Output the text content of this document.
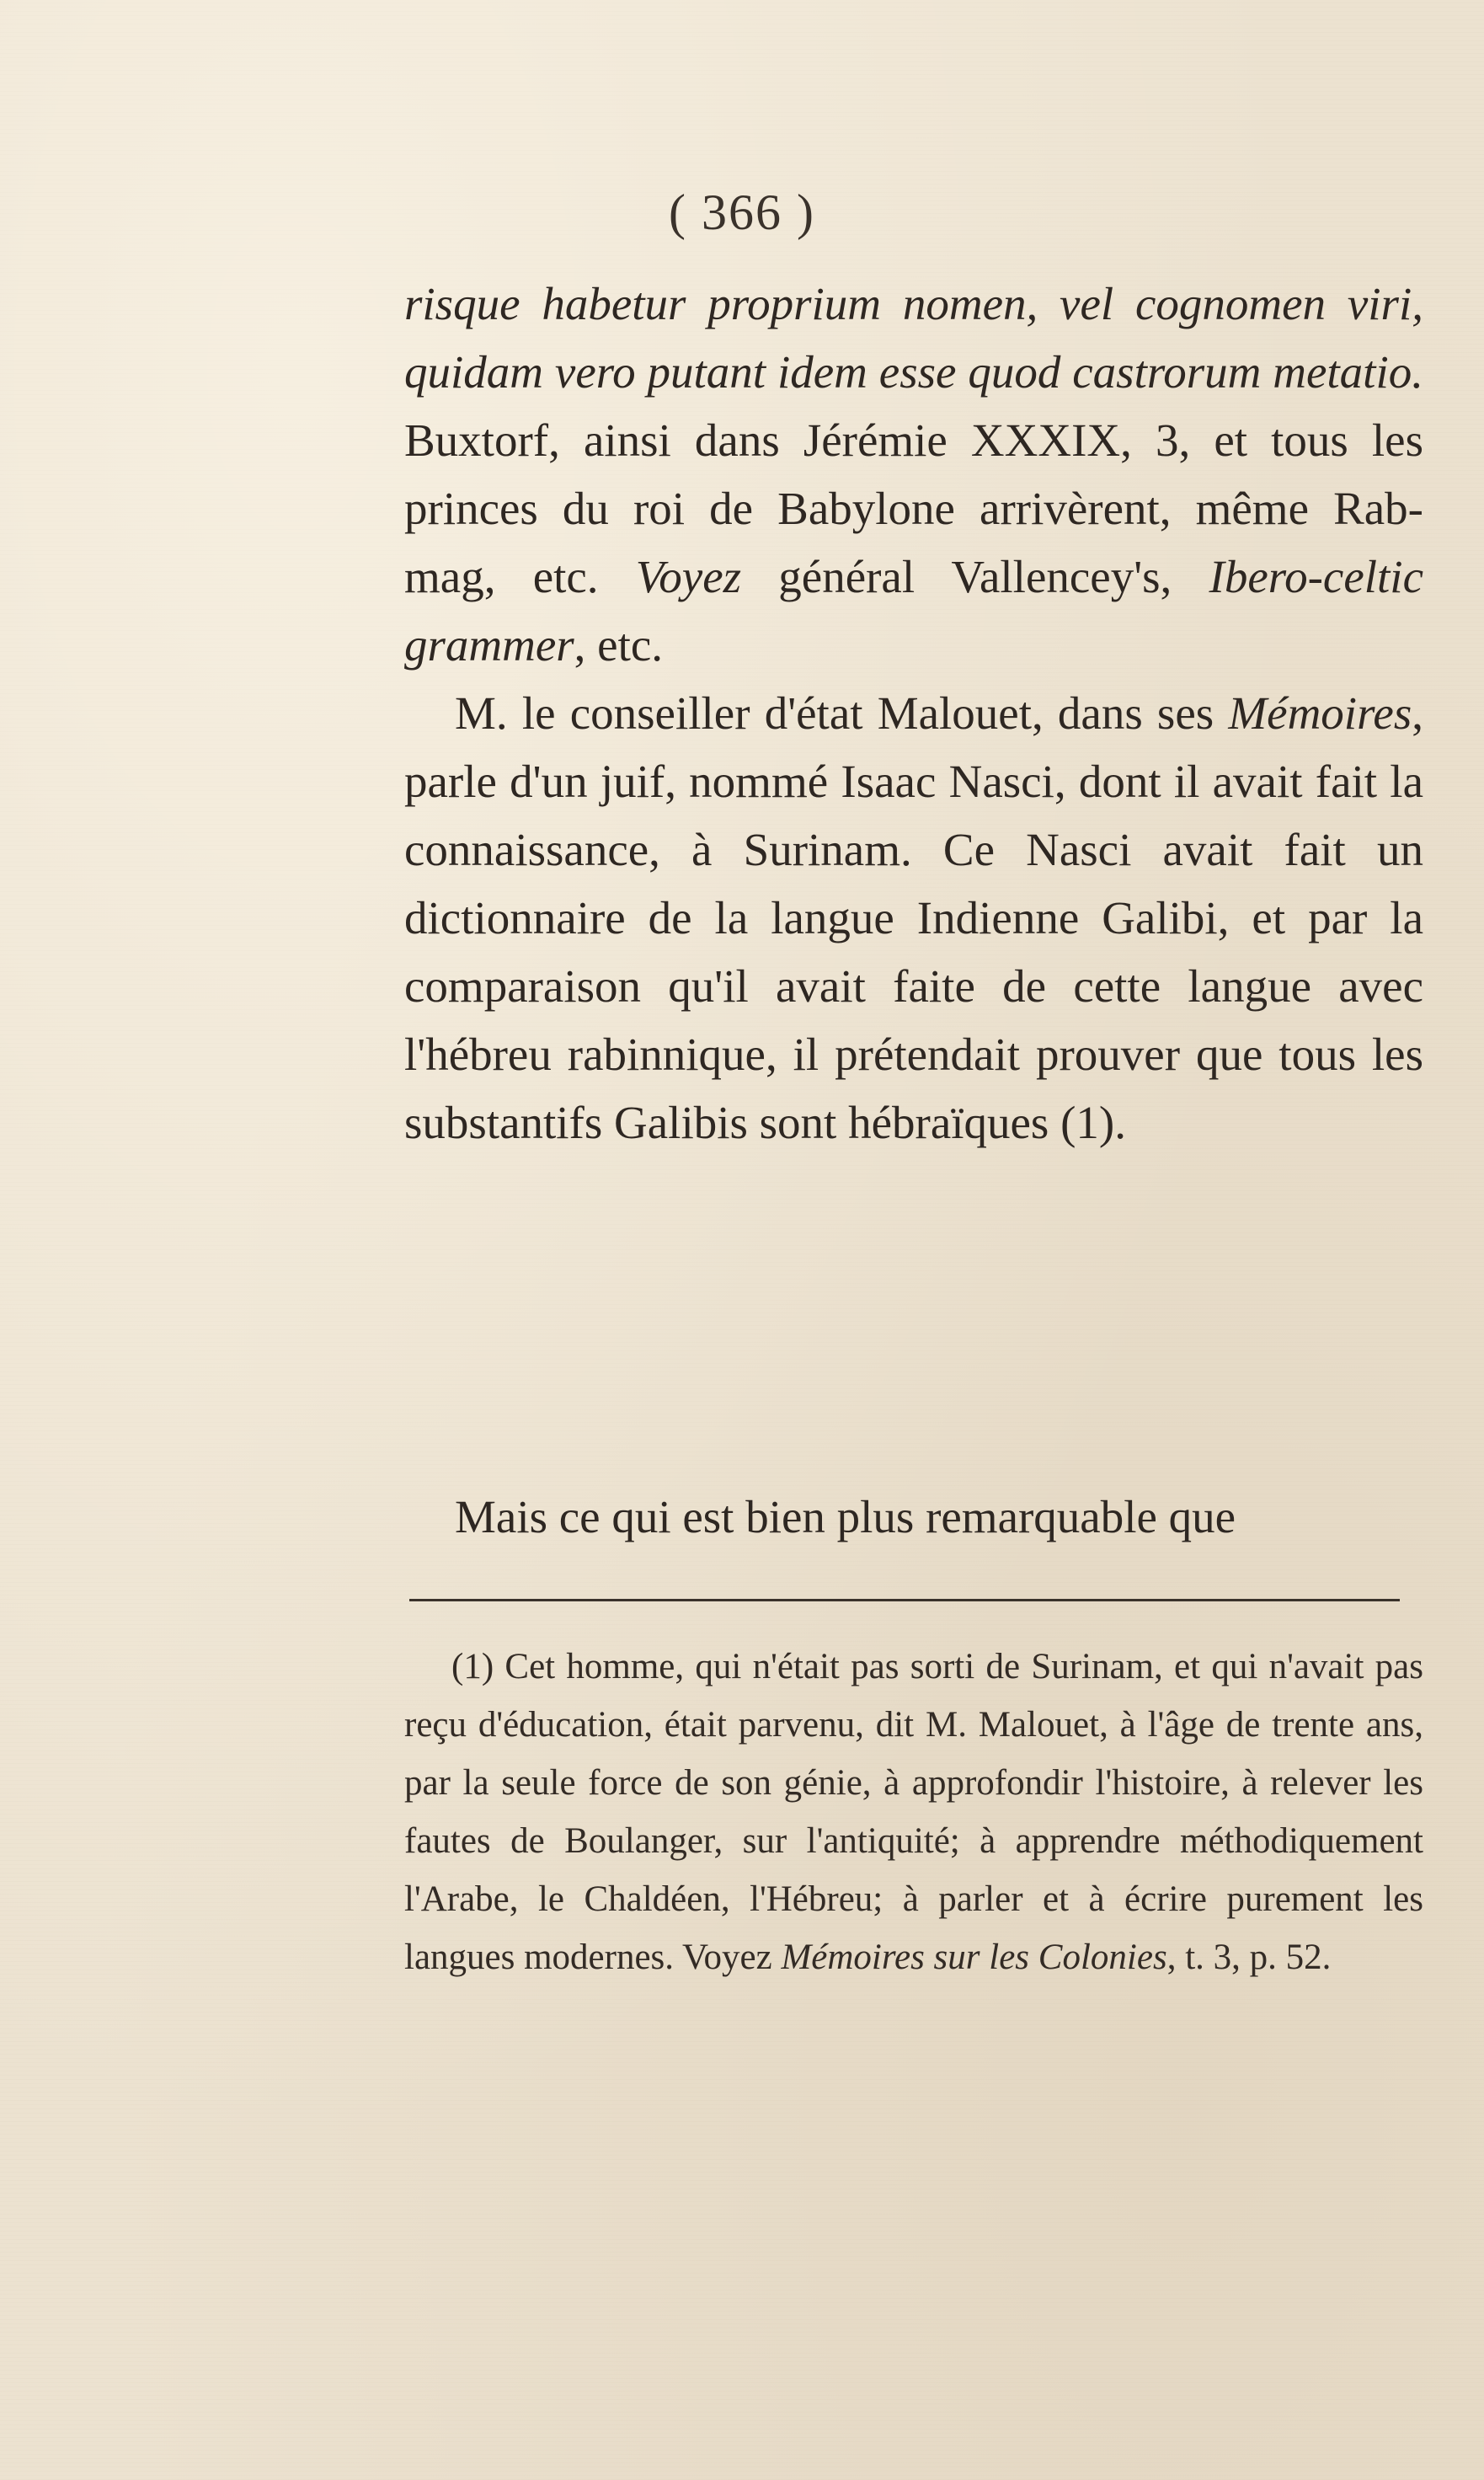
( 366 )

risque habetur proprium nomen, vel cognomen viri, quidam vero putant idem esse quod castrorum metatio. Buxtorf, ainsi dans Jérémie XXXIX, 3, et tous les princes du roi de Babylone arrivèrent, même Rab-mag, etc. Voyez général Vallencey's, Ibero-celtic grammer, etc.

M. le conseiller d'état Malouet, dans ses Mémoires, parle d'un juif, nommé Isaac Nasci, dont il avait fait la connaissance, à Surinam. Ce Nasci avait fait un dictionnaire de la langue Indienne Galibi, et par la comparaison qu'il avait faite de cette langue avec l'hébreu rabinnique, il prétendait prouver que tous les substantifs Galibis sont hébraïques (1).

Mais ce qui est bien plus remarquable que

(1) Cet homme, qui n'était pas sorti de Surinam, et qui n'avait pas reçu d'éducation, était parvenu, dit M. Malouet, à l'âge de trente ans, par la seule force de son génie, à approfondir l'histoire, à relever les fautes de Boulanger, sur l'antiquité; à apprendre méthodiquement l'Arabe, le Chaldéen, l'Hébreu; à parler et à écrire purement les langues modernes. Voyez Mémoires sur les Colonies, t. 3, p. 52.
